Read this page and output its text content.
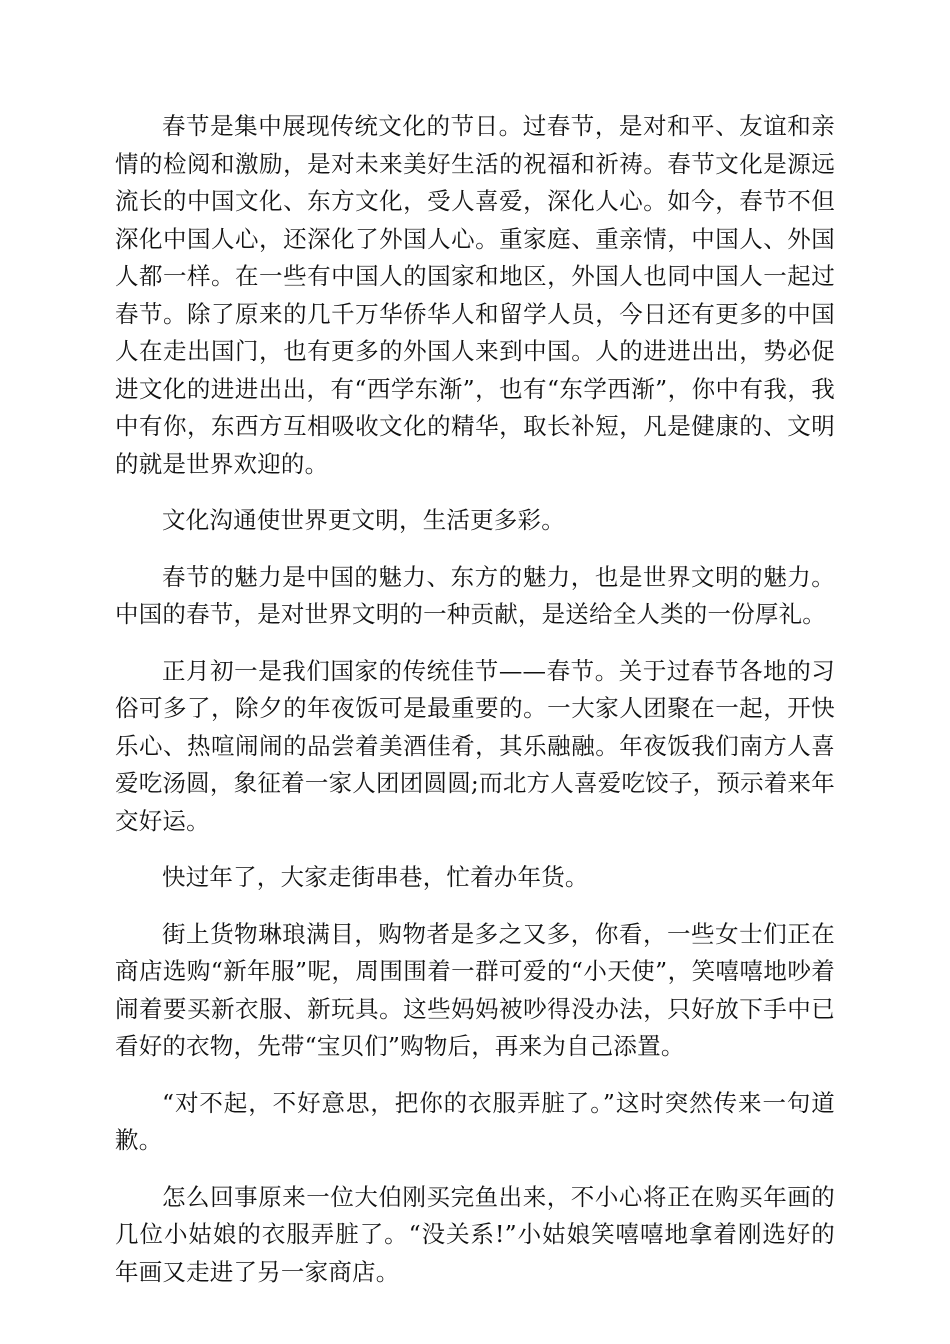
春节是集中展现传统文化的节日。过春节，是对和平、友谊和亲情的检阅和激励，是对未来美好生活的祝福和祈祷。春节文化是源远流长的中国文化、东方文化，受人喜爱，深化人心。如今，春节不但深化中国人心，还深化了外国人心。重家庭、重亲情，中国人、外国人都一样。在一些有中国人的国家和地区，外国人也同中国人一起过春节。除了原来的几千万华侨华人和留学人员，今日还有更多的中国人在走出国门，也有更多的外国人来到中国。人的进进出出，势必促进文化的进进出出，有“西学东渐”，也有“东学西渐”，你中有我，我中有你，东西方互相吸收文化的精华，取长补短，凡是健康的、文明的就是世界欢迎的。

文化沟通使世界更文明，生活更多彩。

春节的魅力是中国的魅力、东方的魅力，也是世界文明的魅力。中国的春节，是对世界文明的一种贡献，是送给全人类的一份厚礼。

正月初一是我们国家的传统佳节——春节。关于过春节各地的习俗可多了，除夕的年夜饭可是最重要的。一大家人团聚在一起，开快乐心、热喧闹闹的品尝着美酒佳肴，其乐融融。年夜饭我们南方人喜爱吃汤圆，象征着一家人团团圆圆;而北方人喜爱吃饺子，预示着来年交好运。

快过年了，大家走街串巷，忙着办年货。

街上货物琳琅满目，购物者是多之又多，你看，一些女士们正在商店选购“新年服”呢，周围围着一群可爱的“小天使”，笑嘻嘻地吵着闹着要买新衣服、新玩具。这些妈妈被吵得没办法，只好放下手中已看好的衣物，先带“宝贝们”购物后，再来为自己添置。

“对不起，不好意思，把你的衣服弄脏了。”这时突然传来一句道歉。

怎么回事原来一位大伯刚买完鱼出来，不小心将正在购买年画的几位小姑娘的衣服弄脏了。“没关系!”小姑娘笑嘻嘻地拿着刚选好的年画又走进了另一家商店。
